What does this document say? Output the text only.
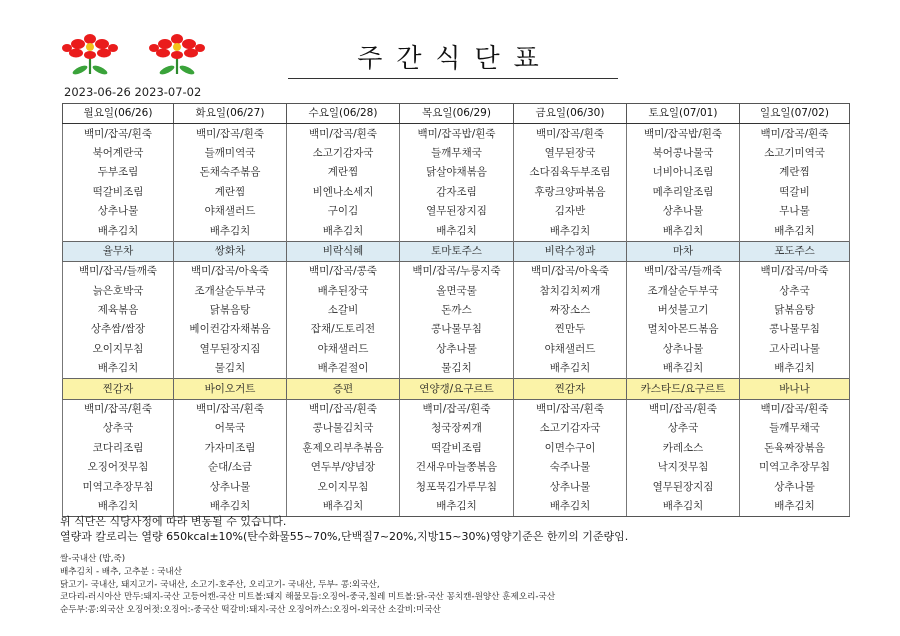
주간식단표
2023-06-26 2023-07-02
월요일(06/26)	화요일(06/27)	수요일(06/28)	목요일(06/29)	금요일(06/30)	토요일(07/01)	일요일(07/02)
백미/잡곡/흰죽	백미/잡곡/흰죽	백미/잡곡/흰죽	백미/잡곡밥/흰죽	백미/잡곡/흰죽	백미/잡곡밥/흰죽	백미/잡곡/흰죽
북어계란국	들깨미역국	소고기감자국	들깨무채국	열무된장국	북어콩나물국	소고기미역국
두부조림	돈채숙주볶음	계란찜	닭살야채볶음	소다짐육두부조림	너비아니조림	계란찜
떡갈비조림	계란찜	비엔나소세지	감자조림	후랑크양파볶음	메추리알조림	떡갈비
상추나물	야채샐러드	구이김	열무된장지짐	김자반	상추나물	무나물
배추김치	배추김치	배추김치	배추김치	배추김치	배추김치	배추김치
율무차	쌍화차	비락식혜	토마토주스	비락수정과	마차	포도주스
백미/잡곡/들깨죽	백미/잡곡/아욱죽	백미/잡곡/콩죽	백미/잡곡/누룽지죽	백미/잡곡/아욱죽	백미/잡곡/들깨죽	백미/잡곡/마죽
늙은호박국	조개살순두부국	배추된장국	올면국물	참치김치찌개	조개살순두부국	상추국
제육볶음	닭볶음탕	소갈비	돈까스	짜장소스	버섯불고기	닭볶음탕
상추쌈/쌈장	베이컨감자채볶음	잡채/도토리전	콩나물무침	찐만두	멸치아몬드볶음	콩나물무침
오이지무침	열무된장지짐	야채샐러드	상추나물	야채샐러드	상추나물	고사리나물
배추김치	물김치	배추겉절이	물김치	배추김치	배추김치	배추김치
찐감자	바이오거트	증편	연양갱/요구르트	찐감자	카스타드/요구르트	바나나
백미/잡곡/흰죽	백미/잡곡/흰죽	백미/잡곡/흰죽	백미/잡곡/흰죽	백미/잡곡/흰죽	백미/잡곡/흰죽	백미/잡곡/흰죽
상추국	어묵국	콩나물김치국	청국장찌개	소고기감자국	상추국	들깨무채국
코다리조림	가자미조림	훈제오리부추볶음	떡갈비조림	이면수구이	카레소스	돈육짜장볶음
오징어젓무침	순대/소금	연두부/양념장	건새우마늘쫑볶음	숙주나물	낙지젓무침	미역고추장무침
미역고추장무침	상추나물	오이지무침	청포묵김가루무침	상추나물	열무된장지짐	상추나물
배추김치	배추김치	배추김치	배추김치	배추김치	배추김치	배추김치
위 식단은 식당사정에 따라 변동될 수 있습니다.
열량과 칼로리는 열량 650kcal±10%(탄수화물55~70%,단백질7~20%,지방15~30%)영양기준은 한끼의 기준량임.
쌀-국내산 (밥,죽)
배추김치 - 배추, 고추분 : 국내산
닭고기- 국내산, 돼지고기- 국내산, 소고기-호주산, 오리고기- 국내산, 두부- 콩:외국산,
코다리-러시아산 만두:돼지-국산 고등어캔-국산 미트볼:돼지 해물모듬:오징어-중국,칠레 미트볼:닭-국산 꽁치캔-원양산 훈제오리-국산
순두부:콩:외국산 오징어젓:오징어:-중국산 떡갈비:돼지-국산 오징어까스:오징어-외국산 소갈비:미국산
